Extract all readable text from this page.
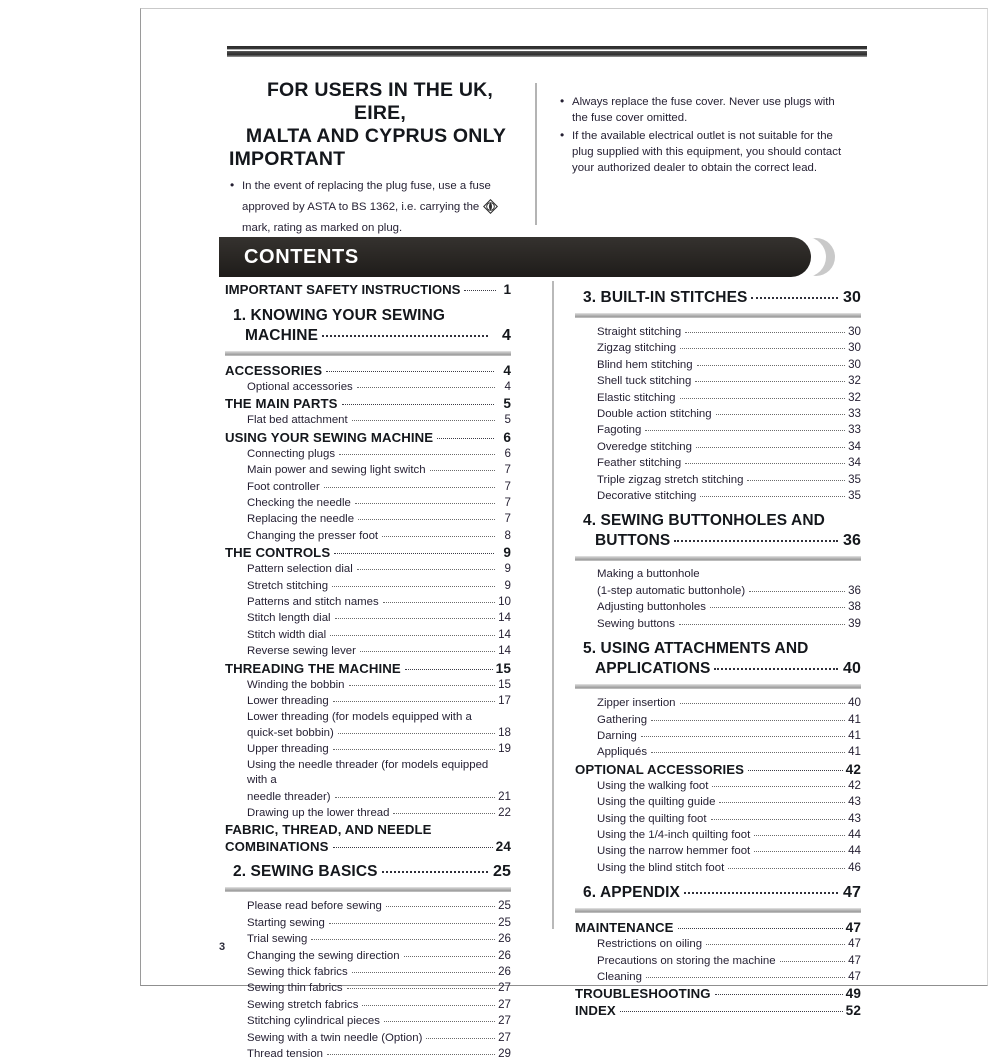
FOR USERS IN THE UK, EIRE,
MALTA AND CYPRUS ONLY
IMPORTANT
• In the event of replacing the plug fuse, use a fuse
approved by ASTA to BS 1362, i.e. carrying the
mark, rating as marked on plug.
• Always replace the fuse cover. Never use plugs with the fuse cover omitted.
• If the available electrical outlet is not suitable for the plug supplied with this equipment, you should contact your authorized dealer to obtain the correct lead.
CONTENTS
IMPORTANT SAFETY INSTRUCTIONS	1
1. KNOWING YOUR SEWING
MACHINE	4
ACCESSORIES	4
Optional accessories	4
THE MAIN PARTS	5
Flat bed attachment	5
USING YOUR SEWING MACHINE	6
Connecting plugs	6
Main power and sewing light switch	7
Foot controller	7
Checking the needle	7
Replacing the needle	7
Changing the presser foot	8
THE CONTROLS	9
Pattern selection dial	9
Stretch stitching	9
Patterns and stitch names	10
Stitch length dial	14
Stitch width dial	14
Reverse sewing lever	14
THREADING THE MACHINE	15
Winding the bobbin	15
Lower threading	17
Lower threading (for models equipped with a
quick-set bobbin)	18
Upper threading	19
Using the needle threader (for models equipped with a
needle threader)	21
Drawing up the lower thread	22
FABRIC, THREAD, AND NEEDLE
COMBINATIONS	24
2. SEWING BASICS	25
Please read before sewing	25
Starting sewing	25
Trial sewing	26
Changing the sewing direction	26
Sewing thick fabrics	26
Sewing thin fabrics	27
Sewing stretch fabrics	27
Stitching cylindrical pieces	27
Sewing with a twin needle (Option)	27
Thread tension	29
3. BUILT-IN STITCHES	30
Straight stitching	30
Zigzag stitching	30
Blind hem stitching	30
Shell tuck stitching	32
Elastic stitching	32
Double action stitching	33
Fagoting	33
Overedge stitching	34
Feather stitching	34
Triple zigzag stretch stitching	35
Decorative stitching	35
4. SEWING BUTTONHOLES AND
BUTTONS	36
Making a buttonhole
(1-step automatic buttonhole)	36
Adjusting buttonholes	38
Sewing buttons	39
5. USING ATTACHMENTS AND
APPLICATIONS	40
Zipper insertion	40
Gathering	41
Darning	41
Appliqués	41
OPTIONAL ACCESSORIES	42
Using the walking foot	42
Using the quilting guide	43
Using the quilting foot	43
Using the 1/4-inch quilting foot	44
Using the narrow hemmer foot	44
Using the blind stitch foot	46
6. APPENDIX	47
MAINTENANCE	47
Restrictions on oiling	47
Precautions on storing the machine	47
Cleaning	47
TROUBLESHOOTING	49
INDEX	52
3
